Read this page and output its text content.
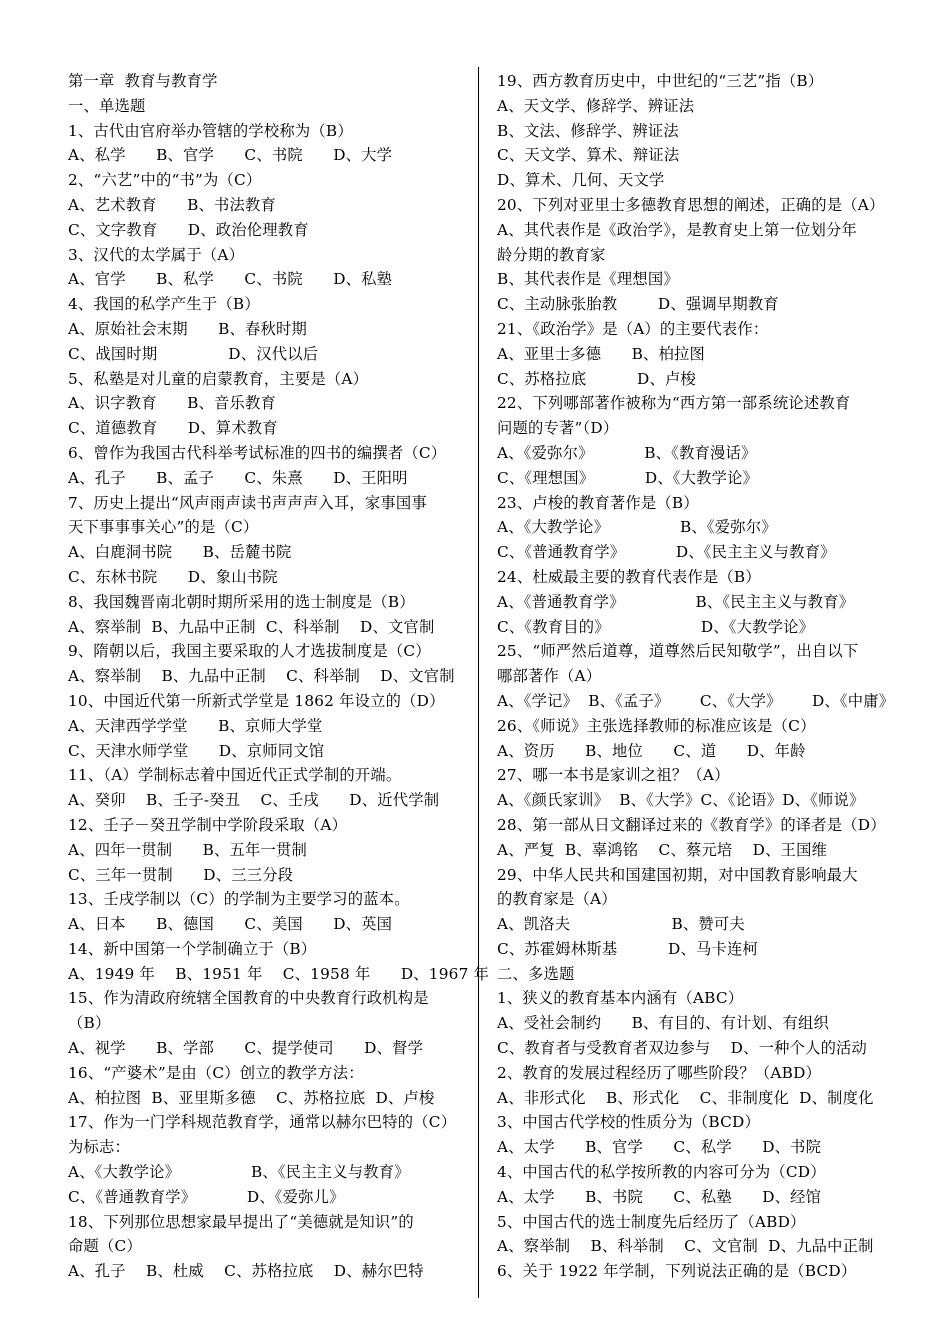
第一章  教育与教育学
一、单选题
1、古代由官府举办管辖的学校称为（B）
A、私学      B、官学      C、书院      D、大学
2、“六艺”中的“书”为（C）
A、艺术教育      B、书法教育
C、文字教育      D、政治伦理教育
3、汉代的太学属于（A）
A、官学      B、私学      C、书院      D、私塾
4、我国的私学产生于（B）
A、原始社会末期      B、春秋时期
C、战国时期              D、汉代以后
5、私塾是对儿童的启蒙教育，主要是（A）
A、识字教育      B、音乐教育
C、道德教育      D、算术教育
6、曾作为我国古代科举考试标准的四书的编撰者（C）
A、孔子      B、孟子      C、朱熹      D、王阳明
7、历史上提出“风声雨声读书声声声入耳，家事国事
天下事事事关心”的是（C）
A、白鹿洞书院      B、岳麓书院
C、东林书院      D、象山书院
8、我国魏晋南北朝时期所采用的选士制度是（B）
A、察举制  B、九品中正制  C、科举制    D、文官制
9、隋朝以后，我国主要采取的人才选拔制度是（C）
A、察举制    B、九品中正制    C、科举制    D、文官制
10、中国近代第一所新式学堂是 1862 年设立的（D）
A、天津西学学堂      B、京师大学堂
C、天津水师学堂      D、京师同文馆
11、（A）学制标志着中国近代正式学制的开端。
A、癸卯    B、壬子-癸丑    C、壬戌      D、近代学制
12、壬子－癸丑学制中学阶段采取（A）
A、四年一贯制      B、五年一贯制
C、三年一贯制      D、三三分段
13、壬戌学制以（C）的学制为主要学习的蓝本。
A、日本      B、德国      C、美国      D、英国
14、新中国第一个学制确立于（B）
A、1949 年    B、1951 年    C、1958 年      D、1967 年
15、作为清政府统辖全国教育的中央教育行政机构是
（B）
A、视学      B、学部      C、提学使司      D、督学
16、“产婆术”是由（C）创立的教学方法：
A、柏拉图  B、亚里斯多德    C、苏格拉底  D、卢梭
17、作为一门学科规范教育学，通常以赫尔巴特的（C）
为标志：
A、《大教学论》              B、《民主主义与教育》
C、《普通教育学》          D、《爱弥儿》
18、下列那位思想家最早提出了“美德就是知识”的
命题（C）
A、孔子    B、杜威    C、苏格拉底    D、赫尔巴特
19、西方教育历史中，中世纪的“三艺”指（B）
A、天文学、修辞学、辨证法
B、文法、修辞学、辨证法
C、天文学、算术、辩证法
D、算术、几何、天文学
20、下列对亚里士多德教育思想的阐述，正确的是（A）
A、其代表作是《政治学》，是教育史上第一位划分年
龄分期的教育家
B、其代表作是《理想国》
C、主动脉张胎教        D、强调早期教育
21、《政治学》是（A）的主要代表作：
A、亚里士多德      B、柏拉图
C、苏格拉底          D、卢梭
22、下列哪部著作被称为“西方第一部系统论述教育
问题的专著”（D）
A、《爱弥尔》          B、《教育漫话》
C、《理想国》          D、《大教学论》
23、卢梭的教育著作是（B）
A、《大教学论》              B、《爱弥尔》
C、《普通教育学》          D、《民主主义与教育》
24、杜威最主要的教育代表作是（B）
A、《普通教育学》              B、《民主主义与教育》
C、《教育目的》                  D、《大教学论》
25、“师严然后道尊，道尊然后民知敬学”，出自以下
哪部著作（A）
A、《学记》  B、《孟子》      C、《大学》      D、《中庸》
26、《师说》主张选择教师的标准应该是（C）
A、资历      B、地位      C、道      D、年龄
27、哪一本书是家训之祖？（A）
A、《颜氏家训》  B、《大学》C、《论语》D、《师说》
28、第一部从日文翻译过来的《教育学》的译者是（D）
A、严复  B、辜鸿铭    C、蔡元培    D、王国维
29、中华人民共和国建国初期，对中国教育影响最大
的教育家是（A）
A、凯洛夫                    B、赞可夫
C、苏霍姆林斯基          D、马卡连柯
二、多选题
1、狭义的教育基本内涵有（ABC）
A、受社会制约      B、有目的、有计划、有组织
C、教育者与受教育者双边参与    D、一种个人的活动
2、教育的发展过程经历了哪些阶段？（ABD）
A、非形式化    B、形式化    C、非制度化  D、制度化
3、中国古代学校的性质分为（BCD）
A、太学      B、官学      C、私学      D、书院
4、中国古代的私学按所教的内容可分为（CD）
A、太学      B、书院      C、私塾      D、经馆
5、中国古代的选士制度先后经历了（ABD）
A、察举制    B、科举制    C、文官制  D、九品中正制
6、关于 1922 年学制，下列说法正确的是（BCD）
